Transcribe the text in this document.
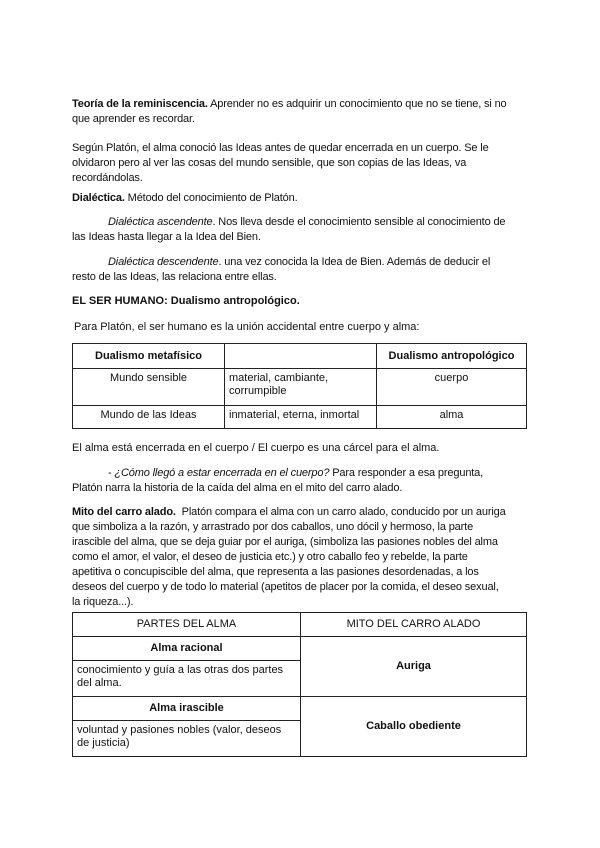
Teoría de la reminiscencia. Aprender no es adquirir un conocimiento que no se tiene, si no
que aprender es recordar.
Según Platón, el alma conoció las Ideas antes de quedar encerrada en un cuerpo. Se le
olvidaron pero al ver las cosas del mundo sensible, que son copias de las Ideas, va
recordándolas.
Dialéctica. Método del conocimiento de Platón.
Dialéctica ascendente. Nos lleva desde el conocimiento sensible al conocimiento de
las Ideas hasta llegar a la Idea del Bien.
Dialéctica descendente. una vez conocida la Idea de Bien. Además de deducir el
resto de las Ideas, las relaciona entre ellas.
EL SER HUMANO: Dualismo antropológico.
Para Platón, el ser humano es la unión accidental entre cuerpo y alma:
Dualismo metafísico		Dualismo antropológico
Mundo sensible	material, cambiante, corrumpible	cuerpo
Mundo de las Ideas	inmaterial, eterna, inmortal	alma
El alma está encerrada en el cuerpo / El cuerpo es una cárcel para el alma.
- ¿Cómo llegó a estar encerrada en el cuerpo? Para responder a esa pregunta,
Platón narra la historia de la caída del alma en el mito del carro alado.
Mito del carro alado.  Platón compara el alma con un carro alado, conducido por un auriga
que simboliza a la razón, y arrastrado por dos caballos, uno dócil y hermoso, la parte
irascible del alma, que se deja guiar por el auriga, (simboliza las pasiones nobles del alma
como el amor, el valor, el deseo de justicia etc.) y otro caballo feo y rebelde, la parte
apetitiva o concupiscible del alma, que representa a las pasiones desordenadas, a los
deseos del cuerpo y de todo lo material (apetitos de placer por la comida, el deseo sexual,
la riqueza...).
PARTES DEL ALMA	MITO DEL CARRO ALADO
Alma racional	Auriga
conocimiento y guía a las otras dos partes del alma.	
Alma irascible	Caballo obediente
voluntad y pasiones nobles (valor, deseos de justicia)	
